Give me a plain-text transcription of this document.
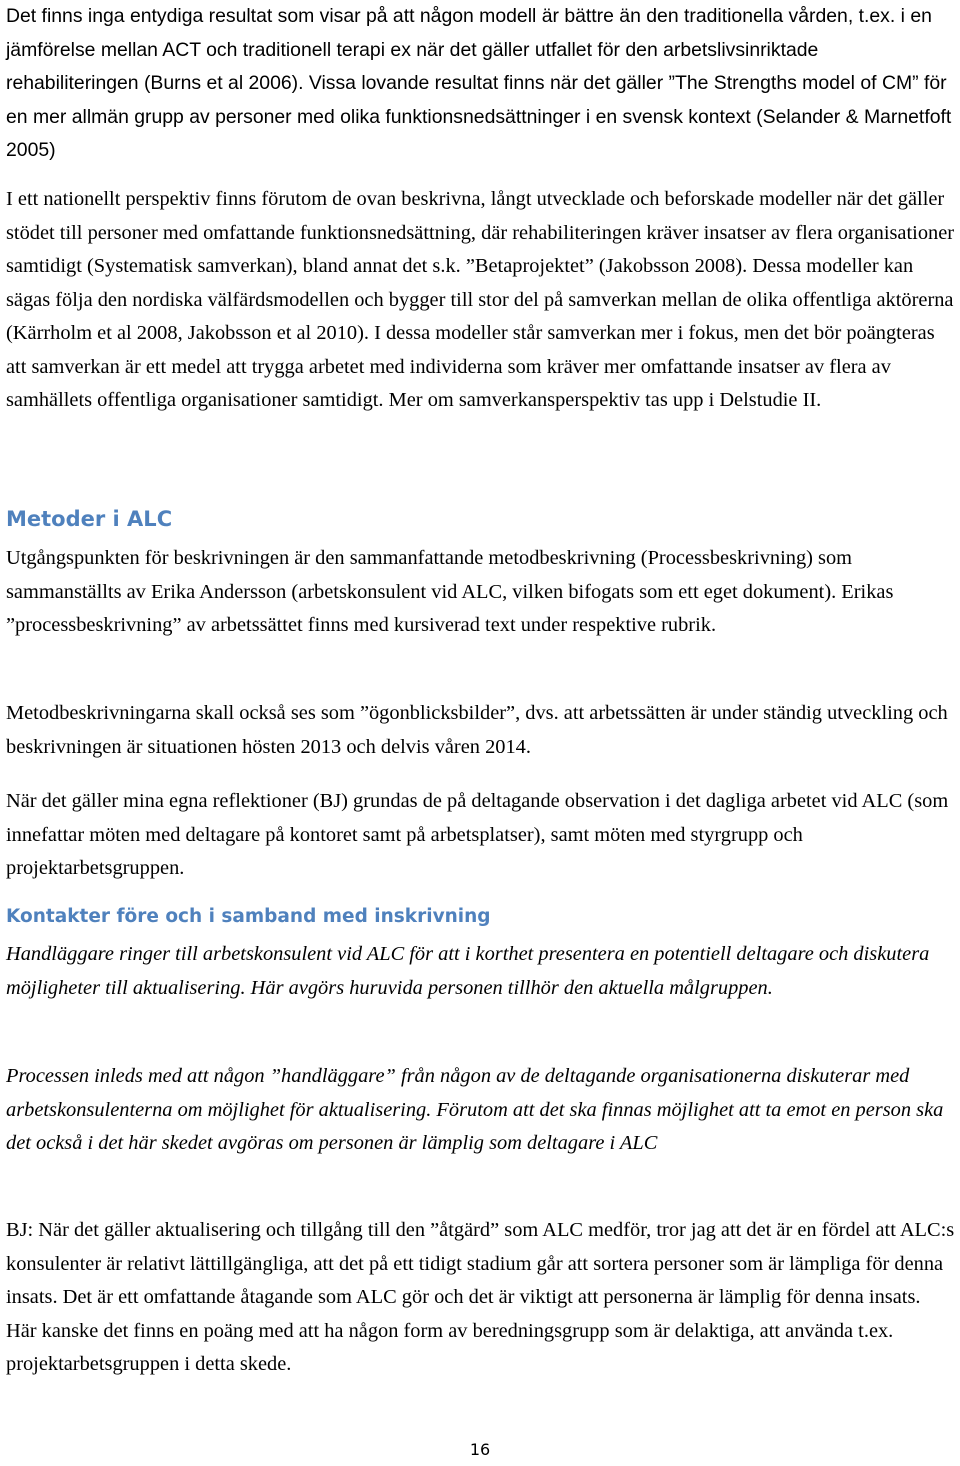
Det finns inga entydiga resultat som visar på att någon modell är bättre än den traditionella vården, t.ex. i en jämförelse mellan ACT och traditionell terapi ex när det gäller utfallet för den arbetslivsinriktade rehabiliteringen (Burns et al 2006). Vissa lovande resultat finns när det gäller ”The Strengths model of CM” för en mer allmän grupp av personer med olika funktionsnedsättninger i en svensk kontext (Selander & Marnetfoft 2005)

I ett nationellt perspektiv finns förutom de ovan beskrivna, långt utvecklade och beforskade modeller när det gäller stödet till personer med omfattande funktionsnedsättning, där rehabiliteringen kräver insatser av flera organisationer samtidigt (Systematisk samverkan), bland annat det s.k. ”Betaprojektet” (Jakobsson 2008). Dessa modeller kan sägas följa den nordiska välfärdsmodellen och bygger till stor del på samverkan mellan de olika offentliga aktörerna (Kärrholm et al 2008, Jakobsson et al 2010). I dessa modeller står samverkan mer i fokus, men det bör poängteras att samverkan är ett medel att trygga arbetet med individerna som kräver mer omfattande insatser av flera av samhällets offentliga organisationer samtidigt. Mer om samverkansperspektiv tas upp i Delstudie II.

Metoder i ALC

Utgångspunkten för beskrivningen är den sammanfattande metodbeskrivning (Processbeskrivning) som sammanställts av Erika Andersson (arbetskonsulent vid ALC, vilken bifogats som ett eget dokument). Erikas ”processbeskrivning” av arbetssättet finns med kursiverad text under respektive rubrik.

Metodbeskrivningarna skall också ses som ”ögonblicksbilder”, dvs. att arbetssätten är under ständig utveckling och beskrivningen är situationen hösten 2013 och delvis våren 2014.

När det gäller mina egna reflektioner (BJ) grundas de på deltagande observation i det dagliga arbetet vid ALC (som innefattar möten med deltagare på kontoret samt på arbetsplatser), samt möten med styrgrupp och projektarbetsgruppen.

Kontakter före och i samband med inskrivning

Handläggare ringer till arbetskonsulent vid ALC för att i korthet presentera en potentiell deltagare och diskutera möjligheter till aktualisering. Här avgörs huruvida personen tillhör den aktuella målgruppen.

Processen inleds med att någon ”handläggare” från någon av de deltagande organisationerna diskuterar med arbetskonsulenterna om möjlighet för aktualisering. Förutom att det ska finnas möjlighet att ta emot en person ska det också i det här skedet avgöras om personen är lämplig som deltagare i ALC

BJ: När det gäller aktualisering och tillgång till den ”åtgärd” som ALC medför, tror jag att det är en fördel att ALC:s konsulenter är relativt lättillgängliga, att det på ett tidigt stadium går att sortera personer som är lämpliga för denna insats. Det är ett omfattande åtagande som ALC gör och det är viktigt att personerna är lämplig för denna insats. Här kanske det finns en poäng med att ha någon form av beredningsgrupp som är delaktiga, att använda t.ex. projektarbetsgruppen i detta skede.

16
